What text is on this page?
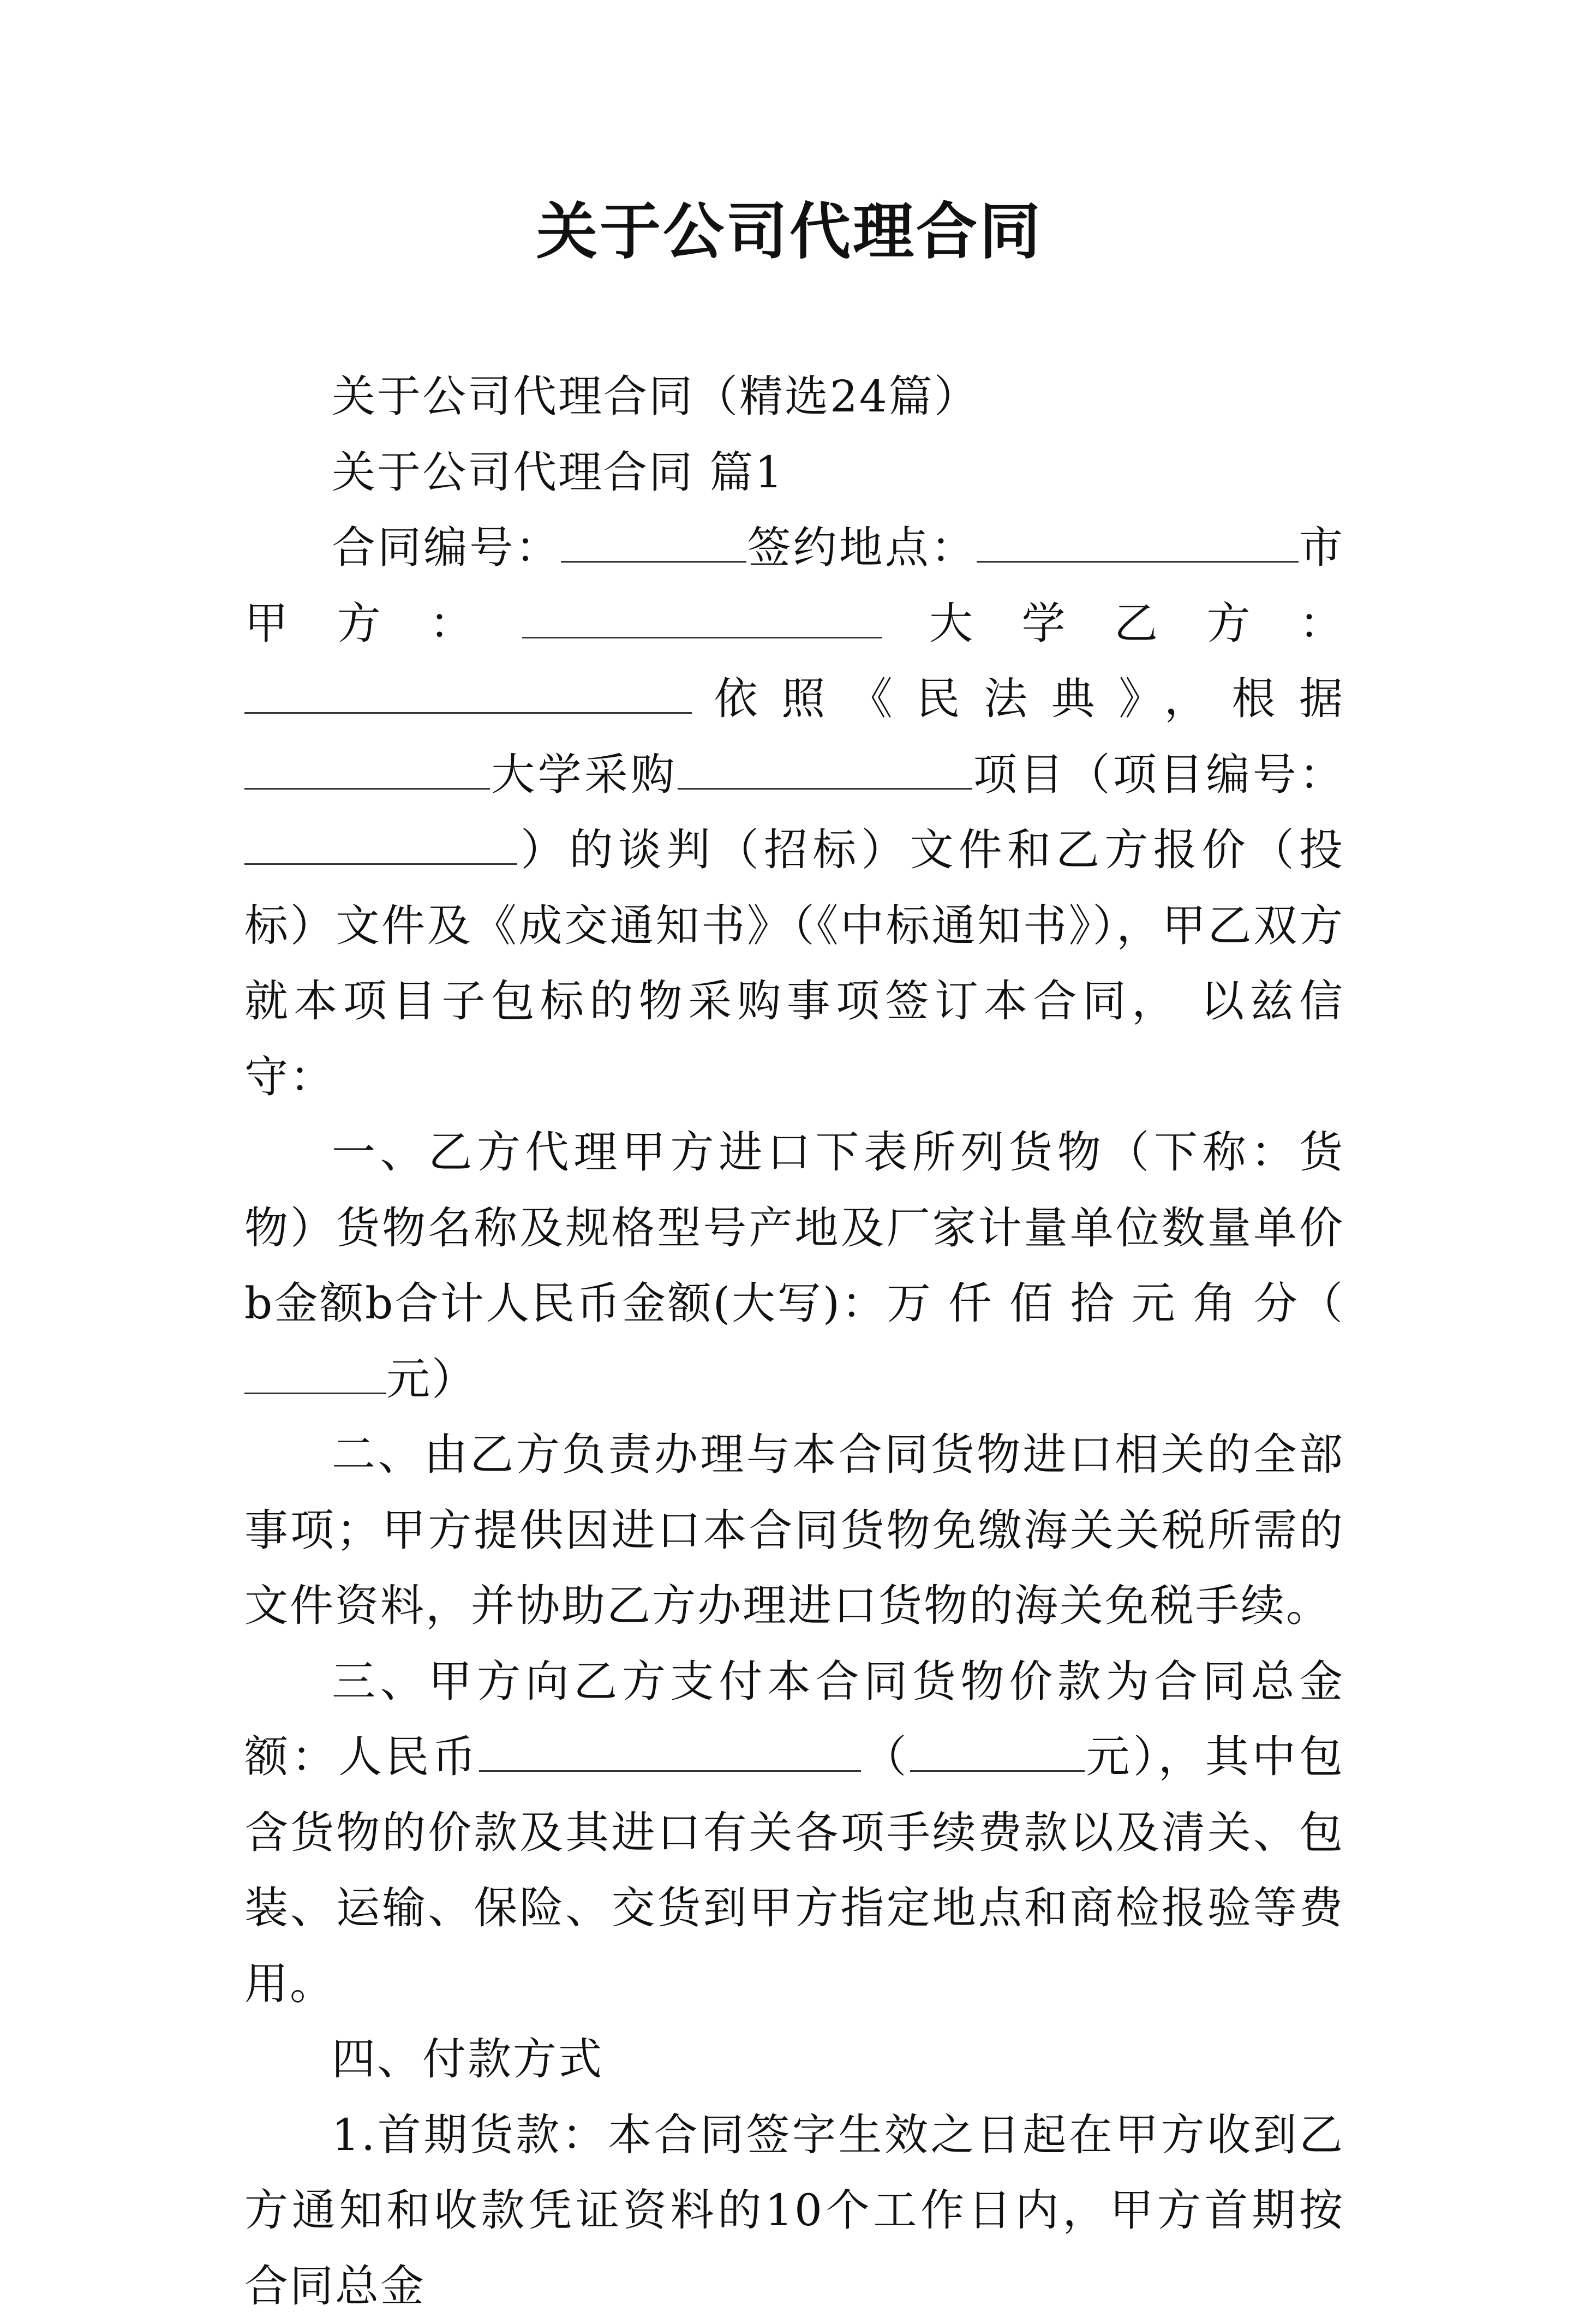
关于公司代理合同

关于公司代理合同（精选24篇）

关于公司代理合同 篇1

合同编号：	签约地点：	市甲方：	大学乙方：依照《民法典》，根据大学采购	项目（项目编号：）的谈判（招标）文件和乙方报价（投标）文件及《成交通知书》（《中标通知书》），甲乙双方就本项目子包标的物采购事项签订本合同， 以兹信守：

一、乙方代理甲方进口下表所列货物（下称：货物）货物名称及规格型号产地及厂家计量单位数量单价b金额b合计人民币金额(大写)：万 仟 佰 拾 元 角 分（元）

二、由乙方负责办理与本合同货物进口相关的全部事项；甲方提供因进口本合同货物免缴海关关税所需的文件资料，并协助乙方办理进口货物的海关免税手续。

三、甲方向乙方支付本合同货物价款为合同总金额：人民币	（	元），其中包含货物的价款及其进口有关各项手续费款以及清关、包装、运输、保险、交货到甲方指定地点和商检报验等费用。

四、付款方式

1.首期货款：本合同签字生效之日起在甲方收到乙方通知和收款凭证资料的10个工作日内，甲方首期按合同总金
